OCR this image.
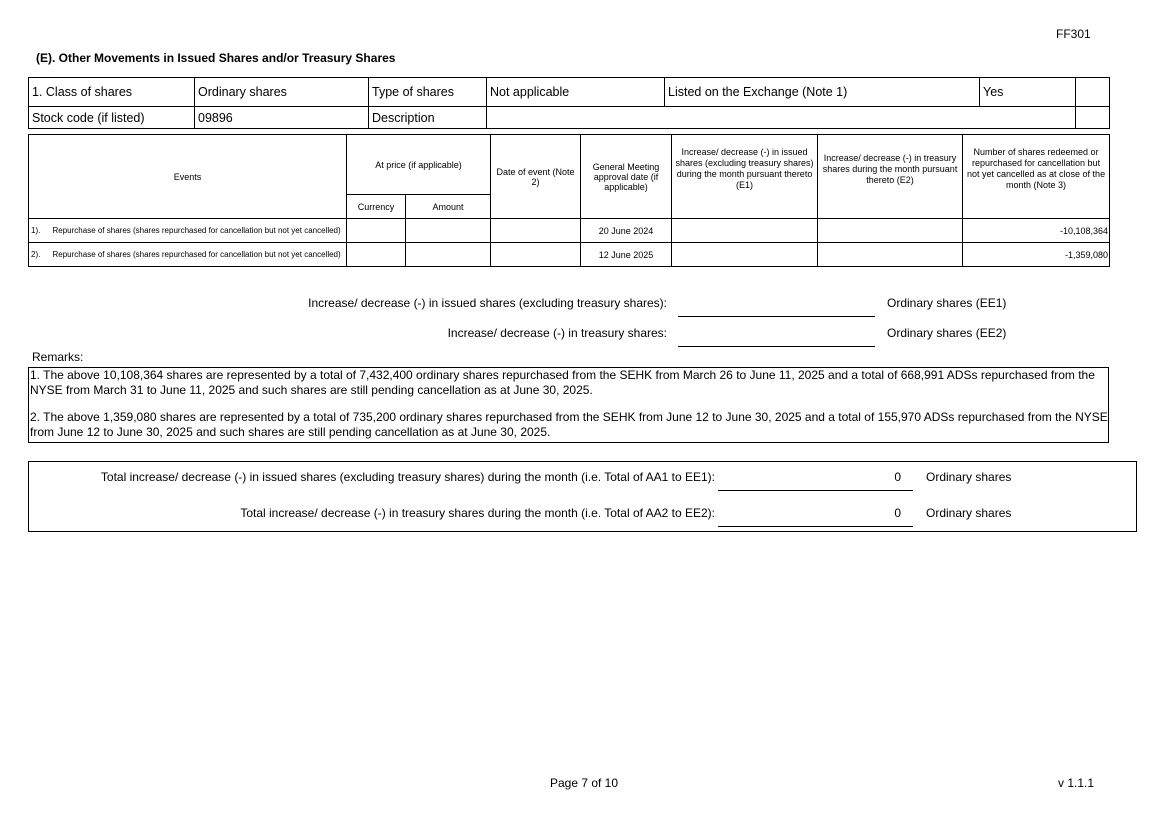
FF301
(E). Other Movements in Issued Shares and/or Treasury Shares
1. Class of shares	Ordinary shares	Type of shares	Not applicable	Listed on the Exchange (Note 1)	Yes	
Stock code (if listed)	09896	Description				
Events		At price (if applicable)		Date of event (Note 2)	General Meeting approval date (if applicable)	Increase/ decrease (-) in issued shares (excluding treasury shares) during the month pursuant thereto (E1)	Increase/ decrease (-) in treasury shares during the month pursuant thereto (E2)	Number of shares redeemed or repurchased for cancellation but not yet cancelled as at close of the month (Note 3)
		Currency	Amount					
1).	Repurchase of shares (shares repurchased for cancellation but not yet cancelled)				20 June 2024			-10,108,364
2).	Repurchase of shares (shares repurchased for cancellation but not yet cancelled)				12 June 2025			-1,359,080
Increase/ decrease (-) in issued shares (excluding treasury shares):	Ordinary shares (EE1)
Increase/ decrease (-) in treasury shares:	Ordinary shares (EE2)
Remarks:

1. The above 10,108,364 shares are represented by a total of 7,432,400 ordinary shares repurchased from the SEHK from March 26 to June 11, 2025 and a total of 668,991 ADSs repurchased from the NYSE from March 31 to June 11, 2025 and such shares are still pending cancellation as at June 30, 2025.

2. The above 1,359,080 shares are represented by a total of 735,200 ordinary shares repurchased from the SEHK from June 12 to June 30, 2025 and a total of 155,970 ADSs repurchased from the NYSE from June 12 to June 30, 2025 and such shares are still pending cancellation as at June 30, 2025.

Total increase/ decrease (-) in issued shares (excluding treasury shares) during the month (i.e. Total of AA1 to EE1):	0 Ordinary shares
Total increase/ decrease (-) in treasury shares during the month (i.e. Total of AA2 to EE2):	0 Ordinary shares
Page 7 of 10	v 1.1.1
